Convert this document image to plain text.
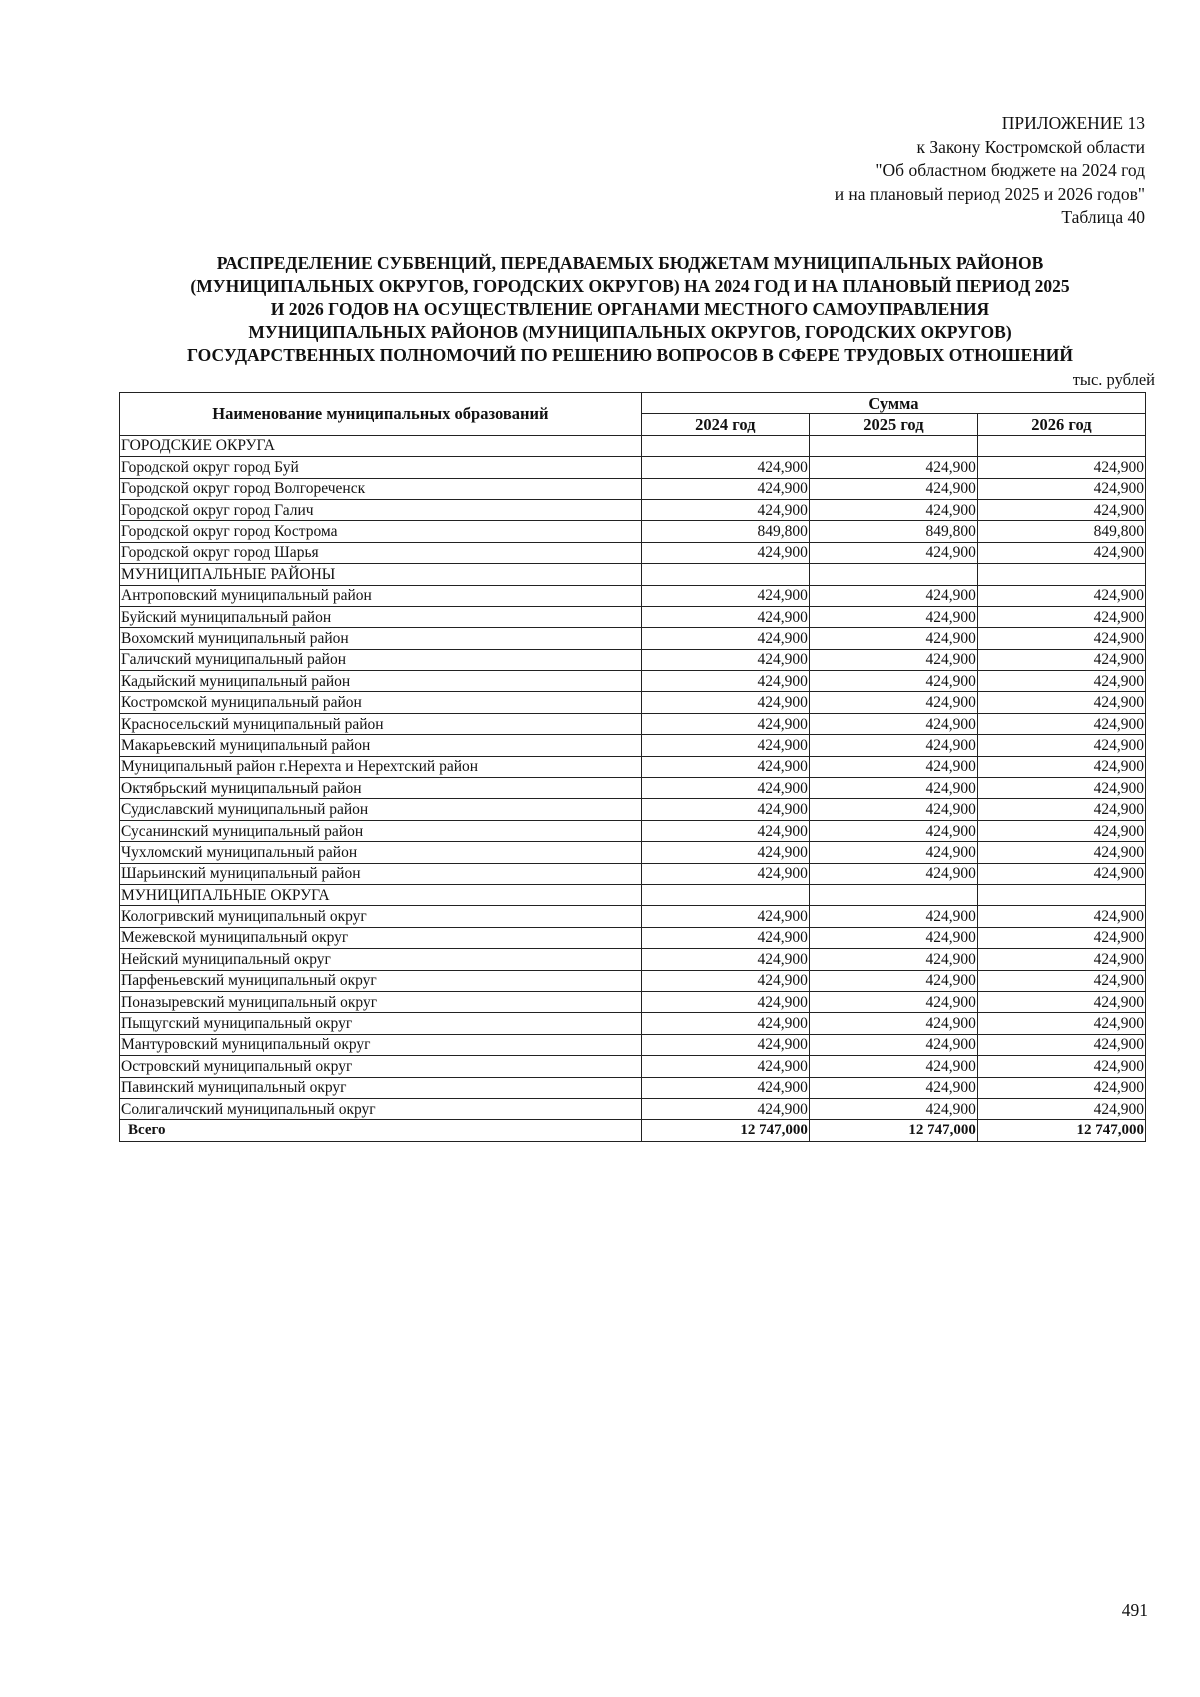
ПРИЛОЖЕНИЕ 13
к Закону Костромской области
"Об областном бюджете на 2024 год
и на плановый период 2025 и 2026 годов"
Таблица 40
РАСПРЕДЕЛЕНИЕ СУБВЕНЦИЙ, ПЕРЕДАВАЕМЫХ БЮДЖЕТАМ МУНИЦИПАЛЬНЫХ РАЙОНОВ
(МУНИЦИПАЛЬНЫХ ОКРУГОВ, ГОРОДСКИХ ОКРУГОВ) НА 2024 ГОД И НА ПЛАНОВЫЙ ПЕРИОД 2025
И 2026 ГОДОВ НА ОСУЩЕСТВЛЕНИЕ ОРГАНАМИ МЕСТНОГО САМОУПРАВЛЕНИЯ
МУНИЦИПАЛЬНЫХ РАЙОНОВ (МУНИЦИПАЛЬНЫХ ОКРУГОВ, ГОРОДСКИХ ОКРУГОВ)
ГОСУДАРСТВЕННЫХ ПОЛНОМОЧИЙ ПО РЕШЕНИЮ ВОПРОСОВ В СФЕРЕ ТРУДОВЫХ ОТНОШЕНИЙ
тыс. рублей
Наименование муниципальных образований	Сумма		
	2024 год	2025 год	2026 год
ГОРОДСКИЕ ОКРУГА			
Городской округ город Буй	424,900	424,900	424,900
Городской округ город Волгореченск	424,900	424,900	424,900
Городской округ город Галич	424,900	424,900	424,900
Городской округ город Кострома	849,800	849,800	849,800
Городской округ город Шарья	424,900	424,900	424,900
МУНИЦИПАЛЬНЫЕ РАЙОНЫ			
Антроповский муниципальный район	424,900	424,900	424,900
Буйский муниципальный район	424,900	424,900	424,900
Вохомский муниципальный район	424,900	424,900	424,900
Галичский муниципальный район	424,900	424,900	424,900
Кадыйский муниципальный район	424,900	424,900	424,900
Костромской муниципальный район	424,900	424,900	424,900
Красносельский муниципальный район	424,900	424,900	424,900
Макарьевский муниципальный район	424,900	424,900	424,900
Муниципальный район г.Нерехта и Нерехтский район	424,900	424,900	424,900
Октябрьский муниципальный район	424,900	424,900	424,900
Судиславский муниципальный район	424,900	424,900	424,900
Сусанинский муниципальный район	424,900	424,900	424,900
Чухломский муниципальный район	424,900	424,900	424,900
Шарьинский муниципальный район	424,900	424,900	424,900
МУНИЦИПАЛЬНЫЕ ОКРУГА			
Кологривский муниципальный округ	424,900	424,900	424,900
Межевской муниципальный округ	424,900	424,900	424,900
Нейский муниципальный округ	424,900	424,900	424,900
Парфеньевский муниципальный округ	424,900	424,900	424,900
Поназыревский муниципальный округ	424,900	424,900	424,900
Пыщугский муниципальный округ	424,900	424,900	424,900
Мантуровский муниципальный округ	424,900	424,900	424,900
Островский муниципальный округ	424,900	424,900	424,900
Павинский муниципальный округ	424,900	424,900	424,900
Солигаличский муниципальный округ	424,900	424,900	424,900
Всего	12 747,000	12 747,000	12 747,000
491
